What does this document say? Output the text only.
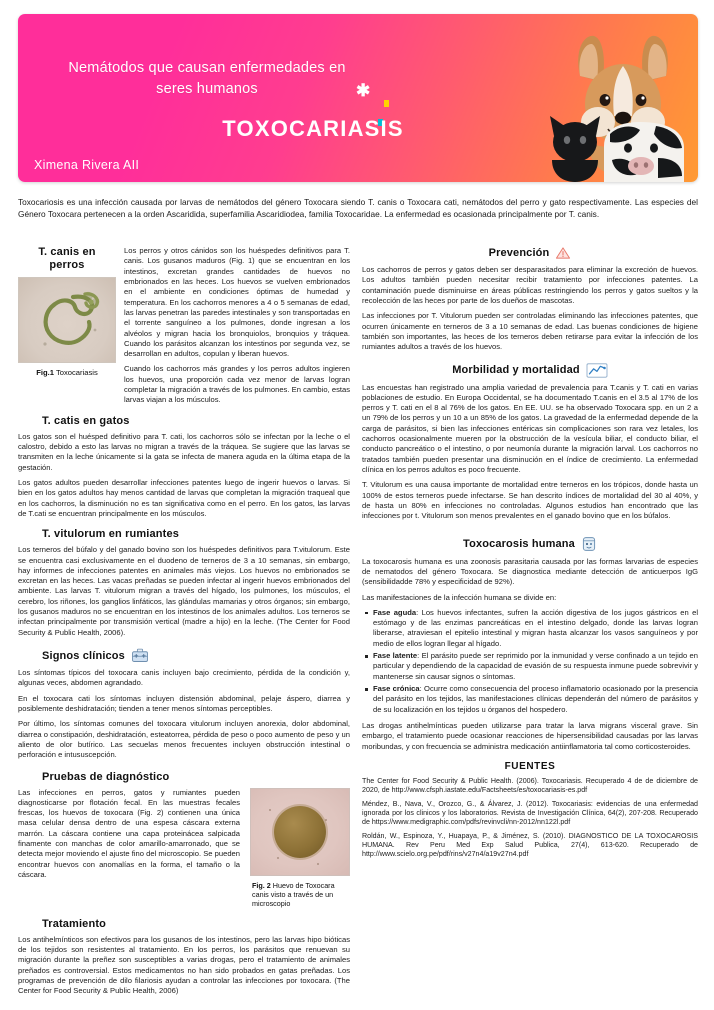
Nemátodos que causan enfermedades en seres humanos	✱
TOXOCARIASIS
Ximena Rivera AII

Toxocariosis es una infección causada por larvas de nemátodos del género Toxocara siendo T. canis o Toxocara cati, nemátodos del perro y gato respectivamente. Las especies del Género Toxocara pertenecen a la orden Ascaridida, superfamilia Ascaridiodea, familia Toxocaridae. La enfermedad es ocasionada principalmente por T. canis.

T. canis en
perros
Fig.1 Toxocariasis

Los perros y otros cánidos son los huéspedes definitivos para T. canis. Los gusanos maduros (Fig. 1) que se encuentran en los intestinos, excretan grandes cantidades de huevos no embrionados en las heces. Los huevos se vuelven embrionados en el ambiente en condiciones óptimas de humedad y temperatura. En los cachorros menores a 4 o 5 semanas de edad, las larvas penetran las paredes intestinales y son transportadas en el torrente sanguíneo a los pulmones, donde ingresan a los alvéolos y migran hacia los bronquiolos, bronquios y tráquea. Cuando los parásitos alcanzan los intestinos por segunda vez, se desarrollan en adultos, copulan y liberan huevos.

Cuando los cachorros más grandes y los perros adultos ingieren los huevos, una proporción cada vez menor de larvas logran completar la migración a través de los pulmones. En cambio, estas larvas viajan a los músculos.

T. catis en gatos

Los gatos son el huésped definitivo para T. cati, los cachorros sólo se infectan por la leche o el calostro, debido a esto las larvas no migran a través de la tráquea. Se sugiere que las larvas se transmiten en la leche únicamente si la gata se infecta de manera aguda en la última etapa de la gestación.

Los gatos adultos pueden desarrollar infecciones patentes luego de ingerir huevos o larvas. Si bien en los gatos adultos hay menos cantidad de larvas que completan la migración traqueal que en los cachorros, la disminución no es tan significativa como en el perro. En los gatos, las larvas de T.cati se encuentran principalmente en los músculos.

T. vitulorum en rumiantes

Los terneros del búfalo y del ganado bovino son los huéspedes definitivos para T.vitulorum. Este se encuentra casi exclusivamente en el duodeno de terneros de 3 a 10 semanas, sin embargo, hay informes de infecciones patentes en animales más viejos. Los huevos no embrionados se excretan en las heces. Las vacas preñadas se pueden infectar al ingerir huevos embrionados del ambiente. Las larvas T. vitulorum migran a través del hígado, los pulmones, los músculos, el cerebro, los riñones, los ganglios linfáticos, las glándulas mamarias y otros órganos; sin embargo, los gusanos maduros no se encuentran en los intestinos de los animales adultos. Los terneros se infectan principalmente por transmisión vertical (madre a hijo) en la leche. (The Center for Food Security & Public Health, 2006).

Signos clínicos

Los síntomas típicos del toxocara canis incluyen bajo crecimiento, pérdida de la condición y, algunas veces, abdomen agrandado.

En el toxocara cati los síntomas incluyen distensión abdominal, pelaje áspero, diarrea y posiblemente deshidratación; tienden a tener menos síntomas perceptibles.

Por último, los síntomas comunes del toxocara vitulorum incluyen anorexia, dolor abdominal, diarrea o constipación, deshidratación, esteatorrea, pérdida de peso o poco aumento de peso y un aliento de olor butírico. Las secuelas menos frecuentes incluyen obstrucción intestinal o perforación e intususcepción.

Pruebas de diagnóstico

Las infecciones en perros, gatos y rumiantes pueden diagnosticarse por flotación fecal. En las muestras fecales frescas, los huevos de toxocara (Fig. 2) contienen una única masa celular densa dentro de una espesa cáscara externa marrón. La cáscara contiene una capa proteinácea salpicada finamente con manchas de color amarillo-amarronado, que se detecta mejor moviendo el ajuste fino del microscopio. Se pueden encontrar huevos con anomalías en la forma, el tamaño o la cáscara.

Fig. 2 Huevo de Toxocara canis visto a través de un microscopio
Tratamiento

Los antihelmínticos son efectivos para los gusanos de los intestinos, pero las larvas hipo bióticas de los tejidos son resistentes al tratamiento. En los perros, los parásitos que renuevan su migración durante la preñez son susceptibles a varias drogas, pero el tratamiento de animales preñados es controversial. Estos medicamentos no han sido probados en gatas preñadas. Los programas de prevención de dilo filariosis ayudan a controlar las infecciones por toxocara. (The Center for Food Security & Public Health, 2006)

Prevención

Los cachorros de perros y gatos deben ser desparasitados para eliminar la excreción de huevos. Los adultos también pueden necesitar recibir tratamiento por infecciones patentes. La contaminación puede disminuirse en áreas públicas restringiendo los perros y gatos sueltos y la recolección de las heces por parte de los dueños de mascotas.

Las infecciones por T. Vitulorum pueden ser controladas eliminando las infecciones patentes, que ocurren únicamente en terneros de 3 a 10 semanas de edad. Las buenas condiciones de higiene también son importantes, las heces de los terneros deben retirarse para evitar la infección de los rumiantes adultos a través de los huevos.

Morbilidad y mortalidad

Las encuestas han registrado una amplia variedad de prevalencia para T.canis y T. cati en varias poblaciones de estudio. En Europa Occidental, se ha documentado T.canis en el 3.5 al 17% de los perros y T. cati en el 8 al 76% de los gatos. En EE. UU. se ha observado Toxocara spp. en un 2 a un 79% de los perros y un 10 a un 85% de los gatos. La gravedad de la enfermedad depende de la carga de parásitos, si bien las infecciones entéricas sin complicaciones son rara vez letales, los cachorros ocasionalmente mueren por la obstrucción de la vesícula biliar, el conducto biliar, el conducto pancreático o el intestino, o por neumonía durante la migración larval. Los cachorros no tratados también pueden presentar una disminución en el índice de crecimiento. La enfermedad clínica en los perros adultos es poco frecuente.

T. Vitulorum es una causa importante de mortalidad entre terneros en los trópicos, donde hasta un 100% de estos terneros puede infectarse. Se han descrito índices de mortalidad del 30 al 40%, y de hasta un 80% en infecciones no controladas. Algunos estudios han encontrado que las infecciones por t. Vitulorum son menos prevalentes en el ganado bovino que en los búfalos.

Toxocarosis humana

La toxocarosis humana es una zoonosis parasitaria causada por las formas larvarias de especies de nematodos del género Toxocara. Se diagnostica mediante detección de anticuerpos IgG (sensibilidadde 78% y especificidad de 92%).

Las manifestaciones de la infección humana se divide en:

Fase aguda: Los huevos infectantes, sufren la acción digestiva de los jugos gástricos en el estómago y de las enzimas pancreáticas en el intestino delgado, donde las larvas logran liberarse, atraviesan el epitelio intestinal y migran hasta alcanzar los vasos sanguíneos y por medio de ellos logran llegar al hígado.
Fase latente: El parásito puede ser reprimido por la inmunidad y verse confinado a un tejido en particular y dependiendo de la capacidad de evasión de su respuesta inmune puede sobrevivir y mantenerse sin causar signos o síntomas.
Fase crónica: Ocurre como consecuencia del proceso inflamatorio ocasionado por la presencia del parásito en los tejidos, las manifestaciones clínicas dependerán del número de parásitos y de su localización en los tejidos u órganos del hospedero.

Las drogas antihelmínticas pueden utilizarse para tratar la larva migrans visceral grave. Sin embargo, el tratamiento puede ocasionar reacciones de hipersensibilidad causadas por las larvas moribundas, y con frecuencia se administra medicación antiinflamatoria tal como corticosteroides.

FUENTES

The Center for Food Security & Public Health. (2006). Toxocariasis. Recuperado 4 de de diciembre de 2020, de http://www.cfsph.iastate.edu/Factsheets/es/toxocariasis-es.pdf

Méndez, B., Nava, V., Orozco, G., & Álvarez, J. (2012). Toxocariasis: evidencias de una enfermedad ignorada por los clinicos y los laboratorios. Revista de Investigación Clínica, 64(2), 207-208. Recuperado de https://www.medigraphic.com/pdfs/revinvcli/nn-2012/nn122l.pdf

Roldán, W., Espinoza, Y., Huapaya, P., & Jiménez, S. (2010). DIAGNOSTICO DE LA TOXOCAROSIS HUMANA. Rev Peru Med Exp Salud Publica, 27(4), 613-620. Recuperado de http://www.scielo.org.pe/pdf/rins/v27n4/a19v27n4.pdf
